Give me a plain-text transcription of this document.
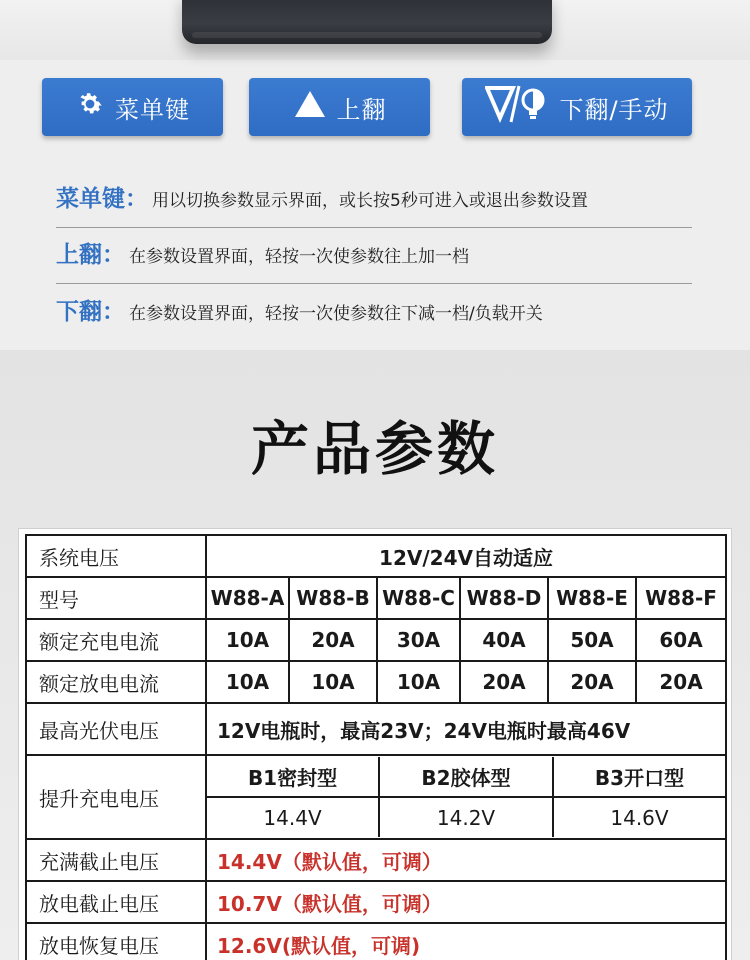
菜单键	上翻	下翻/手动
菜单键： 用以切换参数显示界面，或长按5秒可进入或退出参数设置
上翻： 在参数设置界面，轻按一次使参数往上加一档
下翻： 在参数设置界面，轻按一次使参数往下减一档/负载开关
产品参数
系统电压	12V/24V自动适应
型号	W88-A	W88-B	W88-C	W88-D	W88-E	W88-F
额定充电电流	10A	20A	30A	40A	50A	60A
额定放电电流	10A	10A	10A	20A	20A	20A
最高光伏电压	12V电瓶时，最高23V；24V电瓶时最高46V
提升充电电压	
B1密封型	B2胶体型	B3开口型
14.4V	14.2V	14.6V

充满截止电压	14.4V（默认值，可调）
放电截止电压	10.7V（默认值，可调）
放电恢复电压	12.6V(默认值，可调)
